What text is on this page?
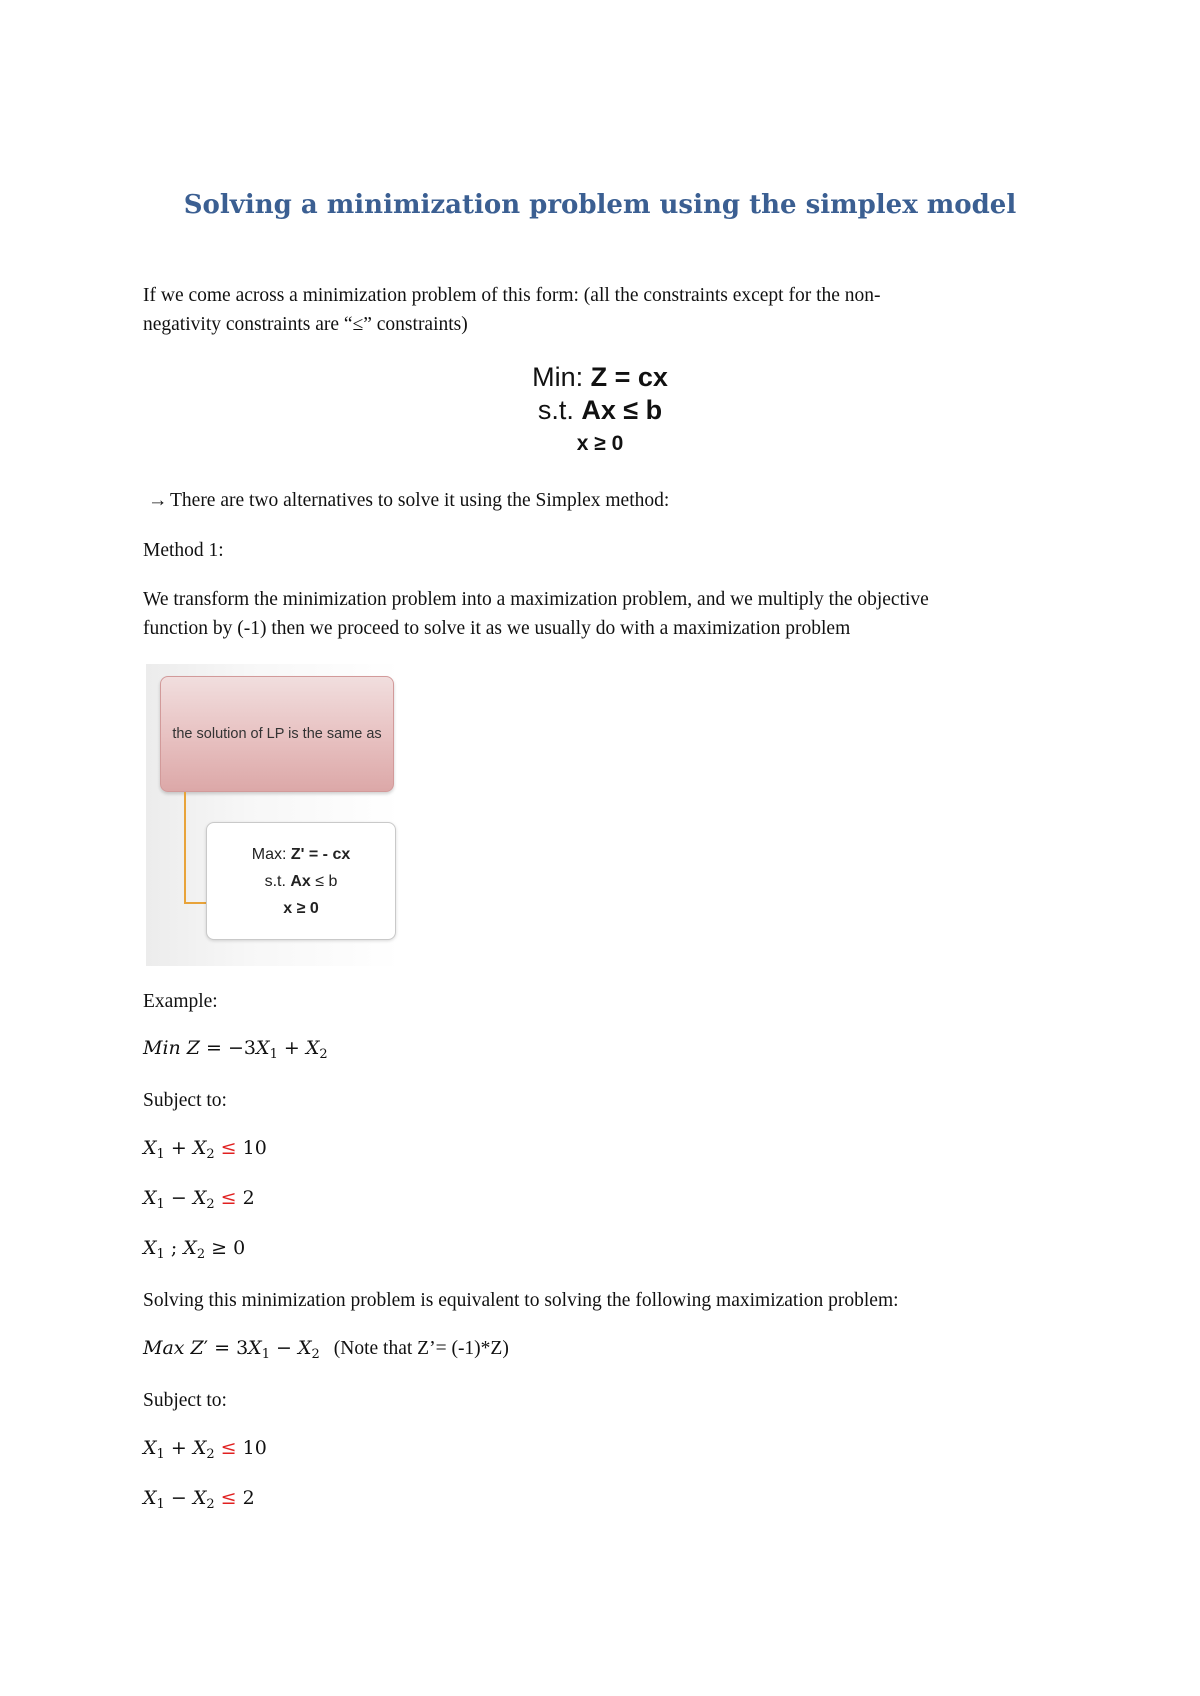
Solving a minimization problem using the simplex model
If we come across a minimization problem of this form: (all the constraints except for the non-
negativity constraints are “≤” constraints)
Min: Z = cx
s.t. Ax ≤ b
x ≥ 0
→ There are two alternatives to solve it using the Simplex method:
Method 1:
We transform the minimization problem into a maximization problem, and we multiply the objective
function by (-1) then we proceed to solve it as we usually do with a maximization problem
the solution of LP is the same as
Max: Z' = - cx
s.t. Ax ≤ b
x ≥ 0
Example:
Min $Z = -3X_1 + X_2$
Subject to:
$X_1 + X_2 \le 10$
$X_1 - X_2 \le 2$
$X_1$ ; $X_2 \ge 0$
Solving this minimization problem is equivalent to solving the following maximization problem:
Max $Z' = 3X_1 - X_2$ (Note that Z’= (-1)*Z)
Subject to:
$X_1 + X_2 \le 10$
$X_1 - X_2 \le 2$
